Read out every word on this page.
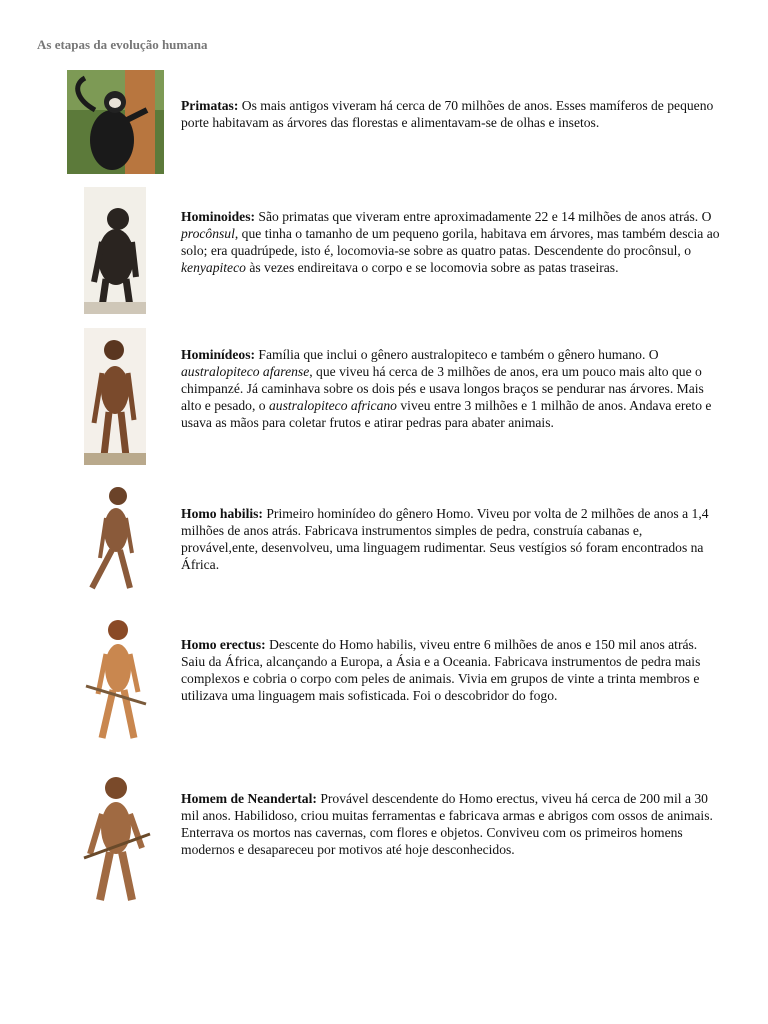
As etapas da evolução humana
Primatas: Os mais antigos viveram há cerca de 70 milhões de anos. Esses mamíferos de pequeno porte habitavam as árvores das florestas e alimentavam-se de olhas e insetos.
Hominoides: São primatas que viveram entre aproximadamente 22 e 14 milhões de anos atrás. O procônsul, que tinha o tamanho de um pequeno gorila, habitava em árvores, mas também descia ao solo; era quadrúpede, isto é, locomovia-se sobre as quatro patas. Descendente do procônsul, o kenyapiteco às vezes endireitava o corpo e se locomovia sobre as patas traseiras.
Hominídeos: Família que inclui o gênero australopiteco e também o gênero humano. O australopiteco afarense, que viveu há cerca de 3 milhões de anos, era um pouco mais alto que o chimpanzé. Já caminhava sobre os dois pés e usava longos braços se pendurar nas árvores. Mais alto e pesado, o australopiteco africano viveu entre 3 milhões e 1 milhão de anos. Andava ereto e usava as mãos para coletar frutos e atirar pedras para abater animais.
Homo habilis: Primeiro hominídeo do gênero Homo. Viveu por volta de 2 milhões de anos a 1,4 milhões de anos atrás. Fabricava instrumentos simples de pedra, construía cabanas e, provável,ente, desenvolveu, uma linguagem rudimentar. Seus vestígios só foram encontrados na África.
Homo erectus: Descente do Homo habilis, viveu entre 6 milhões de anos e 150 mil anos atrás. Saiu da África, alcançando a Europa, a Ásia e a Oceania. Fabricava instrumentos de pedra mais complexos e cobria o corpo com peles de animais. Vivia em grupos de vinte a trinta membros e utilizava uma linguagem mais sofisticada. Foi o descobridor do fogo.
Homem de Neandertal: Provável descendente do Homo erectus, viveu há cerca de 200 mil a 30 mil anos. Habilidoso, criou muitas ferramentas e fabricava armas e abrigos com ossos de animais. Enterrava os mortos nas cavernas, com flores e objetos. Conviveu com os primeiros homens modernos e desapareceu por motivos até hoje desconhecidos.
